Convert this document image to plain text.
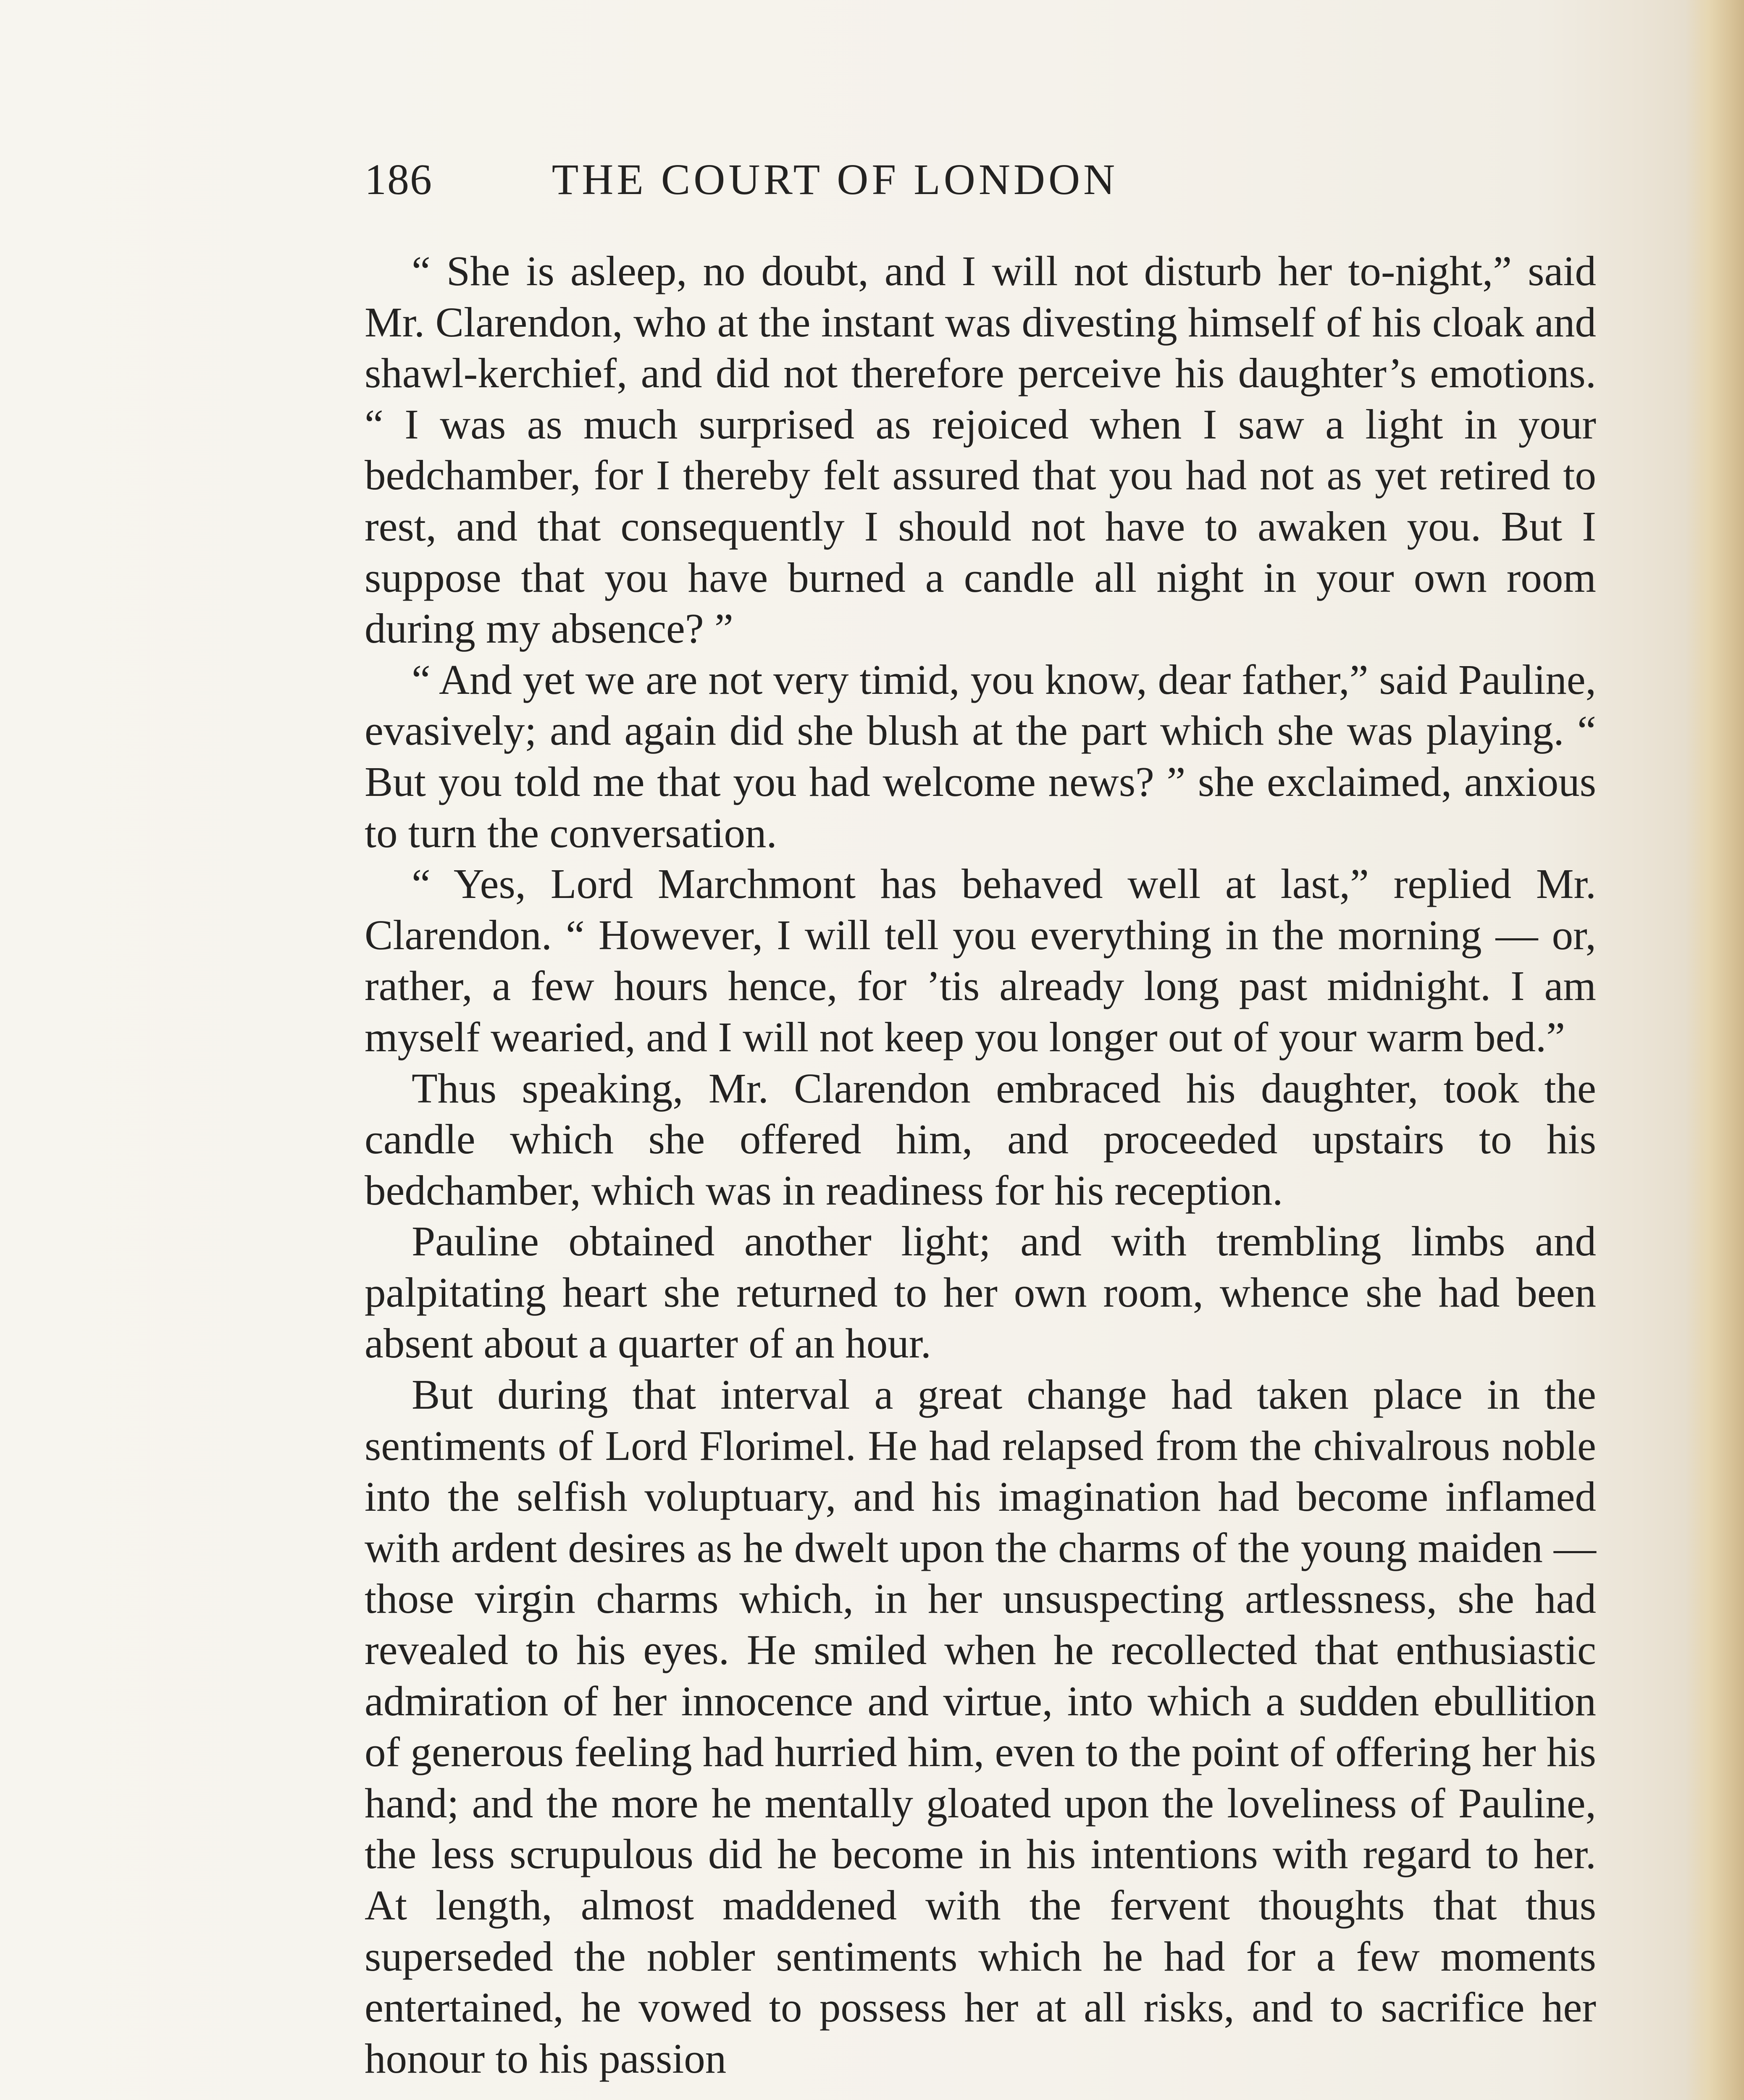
186	THE COURT OF LONDON

“ She is asleep, no doubt, and I will not disturb her to-night,” said Mr. Clarendon, who at the instant was divesting himself of his cloak and shawl-kerchief, and did not therefore perceive his daughter’s emotions. “ I was as much surprised as rejoiced when I saw a light in your bedchamber, for I thereby felt assured that you had not as yet retired to rest, and that consequently I should not have to awaken you. But I suppose that you have burned a candle all night in your own room during my absence? ”

“ And yet we are not very timid, you know, dear father,” said Pauline, evasively; and again did she blush at the part which she was playing. “ But you told me that you had welcome news? ” she exclaimed, anxious to turn the conversation.

“ Yes, Lord Marchmont has behaved well at last,” replied Mr. Clarendon. “ However, I will tell you everything in the morning — or, rather, a few hours hence, for ’tis already long past midnight. I am myself wearied, and I will not keep you longer out of your warm bed.”

Thus speaking, Mr. Clarendon embraced his daughter, took the candle which she offered him, and proceeded upstairs to his bedchamber, which was in readiness for his reception.

Pauline obtained another light; and with trembling limbs and palpitating heart she returned to her own room, whence she had been absent about a quarter of an hour.

But during that interval a great change had taken place in the sentiments of Lord Florimel. He had relapsed from the chivalrous noble into the selfish voluptuary, and his imagination had become inflamed with ardent desires as he dwelt upon the charms of the young maiden — those virgin charms which, in her unsuspecting artlessness, she had revealed to his eyes. He smiled when he recollected that enthusiastic admiration of her innocence and virtue, into which a sudden ebullition of generous feeling had hurried him, even to the point of offering her his hand; and the more he mentally gloated upon the loveliness of Pauline, the less scrupulous did he become in his intentions with regard to her. At length, almost maddened with the fervent thoughts that thus superseded the nobler sentiments which he had for a few moments entertained, he vowed to possess her at all risks, and to sacrifice her honour to his passion
